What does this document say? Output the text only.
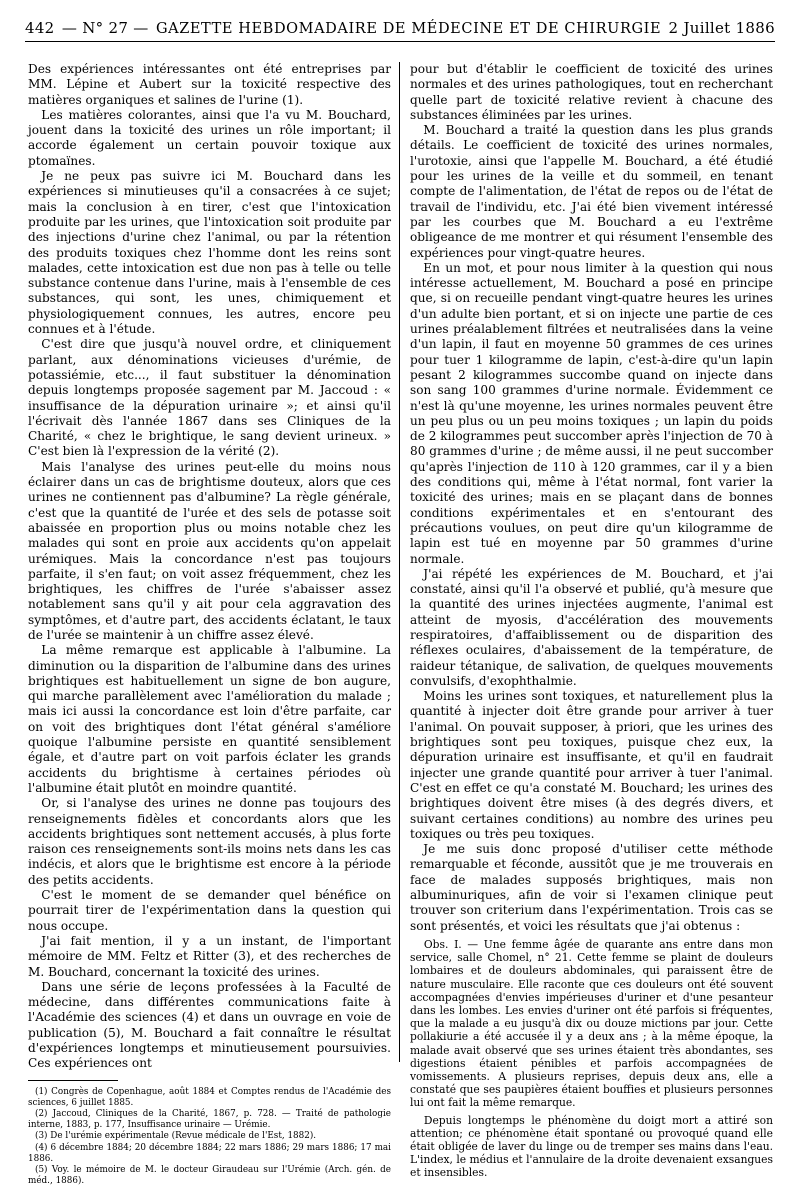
442 — N° 27 — GAZETTE HEBDOMADAIRE DE MÉDECINE ET DE CHIRURGIE 2 Juillet 1886

Des expériences intéressantes ont été entreprises par MM. Lépine et Aubert sur la toxicité respective des matières organiques et salines de l'urine (1).

Les matières colorantes, ainsi que l'a vu M. Bouchard, jouent dans la toxicité des urines un rôle important; il accorde également un certain pouvoir toxique aux ptomaïnes.

Je ne peux pas suivre ici M. Bouchard dans les expériences si minutieuses qu'il a consacrées à ce sujet; mais la conclusion à en tirer, c'est que l'intoxication produite par les urines, que l'intoxication soit produite par des injections d'urine chez l'animal, ou par la rétention des produits toxiques chez l'homme dont les reins sont malades, cette intoxication est due non pas à telle ou telle substance contenue dans l'urine, mais à l'ensemble de ces substances, qui sont, les unes, chimiquement et physiologiquement connues, les autres, encore peu connues et à l'étude.

C'est dire que jusqu'à nouvel ordre, et cliniquement parlant, aux dénominations vicieuses d'urémie, de potassiémie, etc..., il faut substituer la dénomination depuis longtemps proposée sagement par M. Jaccoud : « insuffisance de la dépuration urinaire »; et ainsi qu'il l'écrivait dès l'année 1867 dans ses Cliniques de la Charité, « chez le brightique, le sang devient urineux. » C'est bien là l'expression de la vérité (2).

Mais l'analyse des urines peut-elle du moins nous éclairer dans un cas de brightisme douteux, alors que ces urines ne contiennent pas d'albumine? La règle générale, c'est que la quantité de l'urée et des sels de potasse soit abaissée en proportion plus ou moins notable chez les malades qui sont en proie aux accidents qu'on appelait urémiques. Mais la concordance n'est pas toujours parfaite, il s'en faut; on voit assez fréquemment, chez les brightiques, les chiffres de l'urée s'abaisser assez notablement sans qu'il y ait pour cela aggravation des symptômes, et d'autre part, des accidents éclatant, le taux de l'urée se maintenir à un chiffre assez élevé.

La même remarque est applicable à l'albumine. La diminution ou la disparition de l'albumine dans des urines brightiques est habituellement un signe de bon augure, qui marche parallèlement avec l'amélioration du malade ; mais ici aussi la concordance est loin d'être parfaite, car on voit des brightiques dont l'état général s'améliore quoique l'albumine persiste en quantité sensiblement égale, et d'autre part on voit parfois éclater les grands accidents du brightisme à certaines périodes où l'albumine était plutôt en moindre quantité.

Or, si l'analyse des urines ne donne pas toujours des renseignements fidèles et concordants alors que les accidents brightiques sont nettement accusés, à plus forte raison ces renseignements sont-ils moins nets dans les cas indécis, et alors que le brightisme est encore à la période des petits accidents.

C'est le moment de se demander quel bénéfice on pourrait tirer de l'expérimentation dans la question qui nous occupe.

J'ai fait mention, il y a un instant, de l'important mémoire de MM. Feltz et Ritter (3), et des recherches de M. Bouchard, concernant la toxicité des urines.

Dans une série de leçons professées à la Faculté de médecine, dans différentes communications faite à l'Académie des sciences (4) et dans un ouvrage en voie de publication (5), M. Bouchard a fait connaître le résultat d'expériences longtemps et minutieusement poursuivies. Ces expériences ont

(1) Congrès de Copenhague, août 1884 et Comptes rendus de l'Académie des sciences, 6 juillet 1885.

(2) Jaccoud, Cliniques de la Charité, 1867, p. 728. — Traité de pathologie interne, 1883, p. 177, Insuffisance urinaire — Urémie.

(3) De l'urémie expérimentale (Revue médicale de l'Est, 1882).

(4) 6 décembre 1884; 20 décembre 1884; 22 mars 1886; 29 mars 1886; 17 mai 1886.

(5) Voy. le mémoire de M. le docteur Giraudeau sur l'Urémie (Arch. gén. de méd., 1886).

pour but d'établir le coefficient de toxicité des urines normales et des urines pathologiques, tout en recherchant quelle part de toxicité relative revient à chacune des substances éliminées par les urines.

M. Bouchard a traité la question dans les plus grands détails. Le coefficient de toxicité des urines normales, l'urotoxie, ainsi que l'appelle M. Bouchard, a été étudié pour les urines de la veille et du sommeil, en tenant compte de l'alimentation, de l'état de repos ou de l'état de travail de l'individu, etc. J'ai été bien vivement intéressé par les courbes que M. Bouchard a eu l'extrême obligeance de me montrer et qui résument l'ensemble des expériences pour vingt-quatre heures.

En un mot, et pour nous limiter à la question qui nous intéresse actuellement, M. Bouchard a posé en principe que, si on recueille pendant vingt-quatre heures les urines d'un adulte bien portant, et si on injecte une partie de ces urines préalablement filtrées et neutralisées dans la veine d'un lapin, il faut en moyenne 50 grammes de ces urines pour tuer 1 kilogramme de lapin, c'est-à-dire qu'un lapin pesant 2 kilogrammes succombe quand on injecte dans son sang 100 grammes d'urine normale. Évidemment ce n'est là qu'une moyenne, les urines normales peuvent être un peu plus ou un peu moins toxiques ; un lapin du poids de 2 kilogrammes peut succomber après l'injection de 70 à 80 grammes d'urine ; de même aussi, il ne peut succomber qu'après l'injection de 110 à 120 grammes, car il y a bien des conditions qui, même à l'état normal, font varier la toxicité des urines; mais en se plaçant dans de bonnes conditions expérimentales et en s'entourant des précautions voulues, on peut dire qu'un kilogramme de lapin est tué en moyenne par 50 grammes d'urine normale.

J'ai répété les expériences de M. Bouchard, et j'ai constaté, ainsi qu'il l'a observé et publié, qu'à mesure que la quantité des urines injectées augmente, l'animal est atteint de myosis, d'accélération des mouvements respiratoires, d'affaiblissement ou de disparition des réflexes oculaires, d'abaissement de la température, de raideur tétanique, de salivation, de quelques mouvements convulsifs, d'exophthalmie.

Moins les urines sont toxiques, et naturellement plus la quantité à injecter doit être grande pour arriver à tuer l'animal. On pouvait supposer, à priori, que les urines des brightiques sont peu toxiques, puisque chez eux, la dépuration urinaire est insuffisante, et qu'il en faudrait injecter une grande quantité pour arriver à tuer l'animal. C'est en effet ce qu'a constaté M. Bouchard; les urines des brightiques doivent être mises (à des degrés divers, et suivant certaines conditions) au nombre des urines peu toxiques ou très peu toxiques.

Je me suis donc proposé d'utiliser cette méthode remarquable et féconde, aussitôt que je me trouverais en face de malades supposés brightiques, mais non albuminuriques, afin de voir si l'examen clinique peut trouver son criterium dans l'expérimentation. Trois cas se sont présentés, et voici les résultats que j'ai obtenus :

Obs. I. — Une femme âgée de quarante ans entre dans mon service, salle Chomel, n° 21. Cette femme se plaint de douleurs lombaires et de douleurs abdominales, qui paraissent être de nature musculaire. Elle raconte que ces douleurs ont été souvent accompagnées d'envies impérieuses d'uriner et d'une pesanteur dans les lombes. Les envies d'uriner ont été parfois si fréquentes, que la malade a eu jusqu'à dix ou douze mictions par jour. Cette pollakiurie a été accusée il y a deux ans ; à la même époque, la malade avait observé que ses urines étaient très abondantes, ses digestions étaient pénibles et parfois accompagnées de vomissements. A plusieurs reprises, depuis deux ans, elle a constaté que ses paupières étaient bouffies et plusieurs personnes lui ont fait la même remarque.

Depuis longtemps le phénomène du doigt mort a attiré son attention; ce phénomène était spontané ou provoqué quand elle était obligée de laver du linge ou de tremper ses mains dans l'eau. L'index, le médius et l'annulaire de la droite devenaient exsangues et insensibles.
